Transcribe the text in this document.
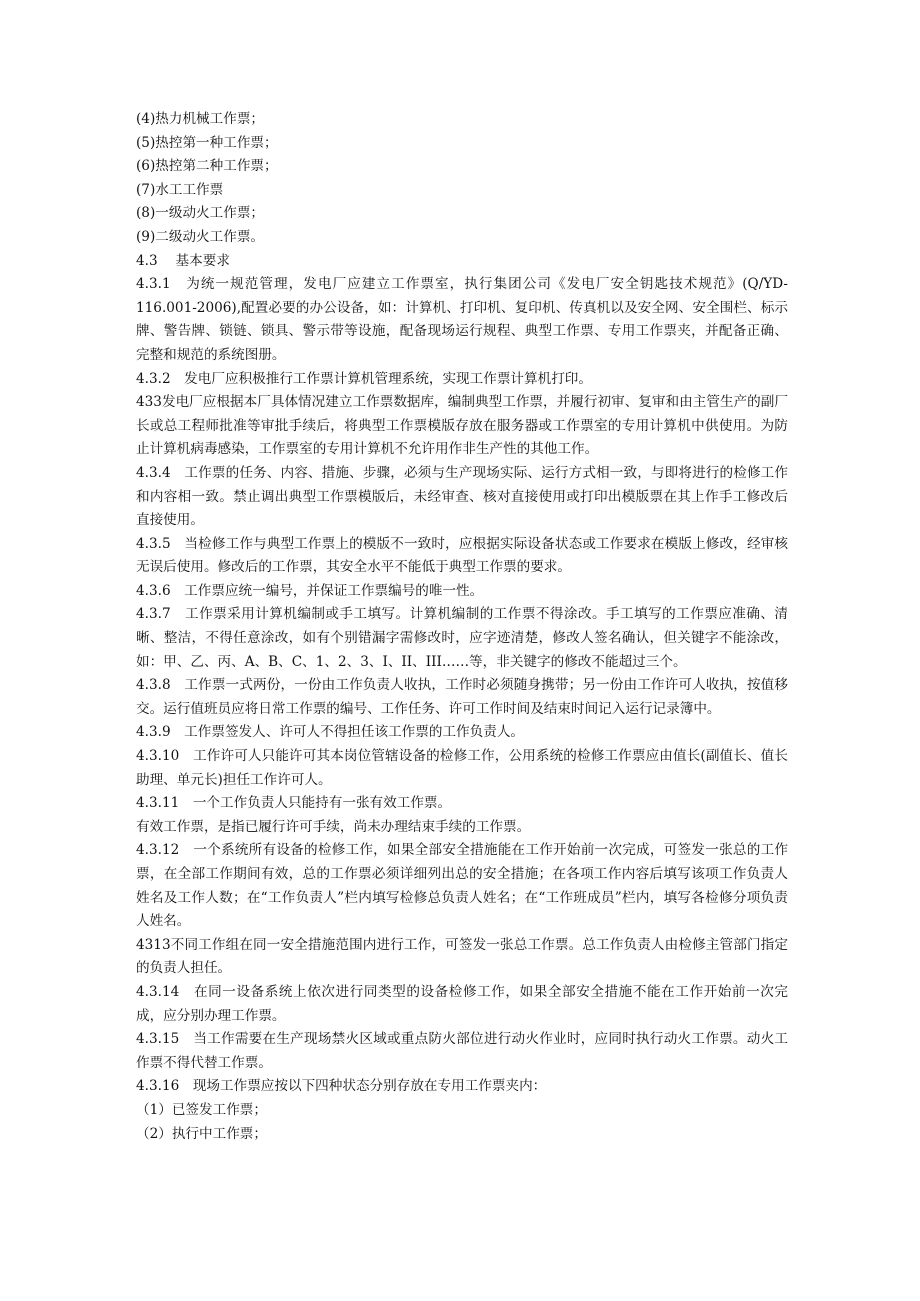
(4)热力机械工作票；
(5)热控第一种工作票；
(6)热控第二种工作票；
(7)水工工作票
(8)一级动火工作票；
(9)二级动火工作票。
4.3　 基本要求
4.3.1　为统一规范管理，发电厂应建立工作票室，执行集团公司《发电厂安全钥匙技术规范》(Q/YD-116.001-2006),配置必要的办公设备，如：计算机、打印机、复印机、传真机以及安全网、安全围栏、标示牌、警告牌、锁链、锁具、警示带等设施，配备现场运行规程、典型工作票、专用工作票夹，并配备正确、完整和规范的系统图册。
4.3.2　发电厂应积极推行工作票计算机管理系统，实现工作票计算机打印。
433发电厂应根据本厂具体情况建立工作票数据库，编制典型工作票，并履行初审、复审和由主管生产的副厂长或总工程师批准等审批手续后，将典型工作票模版存放在服务器或工作票室的专用计算机中供使用。为防止计算机病毒感染，工作票室的专用计算机不允许用作非生产性的其他工作。
4.3.4　工作票的任务、内容、措施、步骤，必须与生产现场实际、运行方式相一致，与即将进行的检修工作和内容相一致。禁止调出典型工作票模版后，未经审查、核对直接使用或打印出模版票在其上作手工修改后直接使用。
4.3.5　当检修工作与典型工作票上的模版不一致时，应根据实际设备状态或工作要求在模版上修改，经审核无误后使用。修改后的工作票，其安全水平不能低于典型工作票的要求。
4.3.6　工作票应统一编号，并保证工作票编号的唯一性。
4.3.7　工作票采用计算机编制或手工填写。计算机编制的工作票不得涂改。手工填写的工作票应准确、清晰、整洁，不得任意涂改，如有个别错漏字需修改时，应字迹清楚，修改人签名确认，但关键字不能涂改，如：甲、乙、丙、A、B、C、1、2、3、I、II、III……等，非关键字的修改不能超过三个。
4.3.8　工作票一式两份，一份由工作负责人收执，工作时必须随身携带；另一份由工作许可人收执，按值移交。运行值班员应将日常工作票的编号、工作任务、许可工作时间及结束时间记入运行记录簿中。
4.3.9　工作票签发人、许可人不得担任该工作票的工作负责人。
4.3.10　工作许可人只能许可其本岗位管辖设备的检修工作，公用系统的检修工作票应由值长(副值长、值长助理、单元长)担任工作许可人。
4.3.11　一个工作负责人只能持有一张有效工作票。
有效工作票，是指已履行许可手续，尚未办理结束手续的工作票。
4.3.12　一个系统所有设备的检修工作，如果全部安全措施能在工作开始前一次完成，可签发一张总的工作票，在全部工作期间有效，总的工作票必须详细列出总的安全措施；在各项工作内容后填写该项工作负责人姓名及工作人数；在“工作负责人”栏内填写检修总负责人姓名；在“工作班成员”栏内，填写各检修分项负责人姓名。
4313不同工作组在同一安全措施范围内进行工作，可签发一张总工作票。总工作负责人由检修主管部门指定的负责人担任。
4.3.14　在同一设备系统上依次进行同类型的设备检修工作，如果全部安全措施不能在工作开始前一次完成，应分别办理工作票。
4.3.15　当工作需要在生产现场禁火区域或重点防火部位进行动火作业时，应同时执行动火工作票。动火工作票不得代替工作票。
4.3.16　现场工作票应按以下四种状态分别存放在专用工作票夹内：
（1）已签发工作票；
（2）执行中工作票；
